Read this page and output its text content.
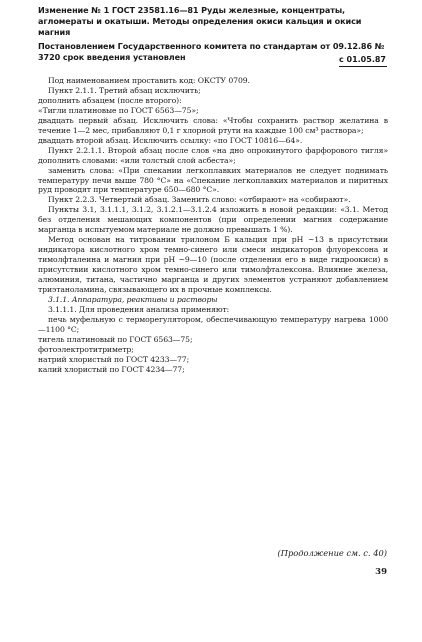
Изменение № 1 ГОСТ 23581.16—81 Руды железные, концентраты, агломераты и окатыши. Методы определения окиси кальция и окиси магния

Постановлением Государственного комитета по стандартам от 09.12.86 № 3720 срок введения установлен	с 01.05.87

Под наименованием проставить код: ОКСТУ 0709.

Пункт 2.1.1. Третий абзац исключить;

дополнить абзацем (после второго):

«Тигли платиновые по ГОСТ 6563—75»;

двадцать первый абзац. Исключить слова: «Чтобы сохранить раствор желатина в течение 1—2 мес, прибавляют 0,1 г хлорной ртути на каждые 100 см³ раствора»;

двадцать второй абзац. Исключить ссылку: «по ГОСТ 10816—64».

Пункт 2.2.1.1. Второй абзац после слов «на дно опрокинутого фарфорового тигля» дополнить словами: «или толстый слой асбеста»;

заменить слова: «При спекании легкоплавких материалов не следует поднимать температуру печи выше 780 °С» на «Спекание легкоплавких материалов и пиритных руд проводят при температуре 650—680 °С».

Пункт 2.2.3. Четвертый абзац. Заменить слово: «отбирают» на «собирают».

Пункты 3.1, 3.1.1.1, 3.1.2, 3.1.2.1—3.1.2.4 изложить в новой редакции: «3.1. Метод без отделения мешающих компонентов (при определении магния содержание марганца в испытуемом материале не должно превышать 1 %).

Метод основан на титровании трилоном Б кальция при pH ~13 в присутствии индикатора кислотного хром темно-синего или смеси индикаторов флуорексона и тимолфталеина и магния при pH ~9—10 (после отделения его в виде гидроокиси) в присутствии кислотного хром темно-синего или тимолфталексона. Влияние железа, алюминия, титана, частично марганца и других элементов устраняют добавлением триэтаноламина, связывающего их в прочные комплексы.

3.1.1. Аппаратура, реактивы и растворы

3.1.1.1. Для проведения анализа применяют:

печь муфельную с терморегулятором, обеспечивающую температуру нагрева 1000—1100 °С;

тигель платиновый по ГОСТ 6563—75;

фотоэлектротитриметр;

натрий хлористый по ГОСТ 4233—77;

калий хлористый по ГОСТ 4234—77;

(Продолжение см. с. 40)
39
